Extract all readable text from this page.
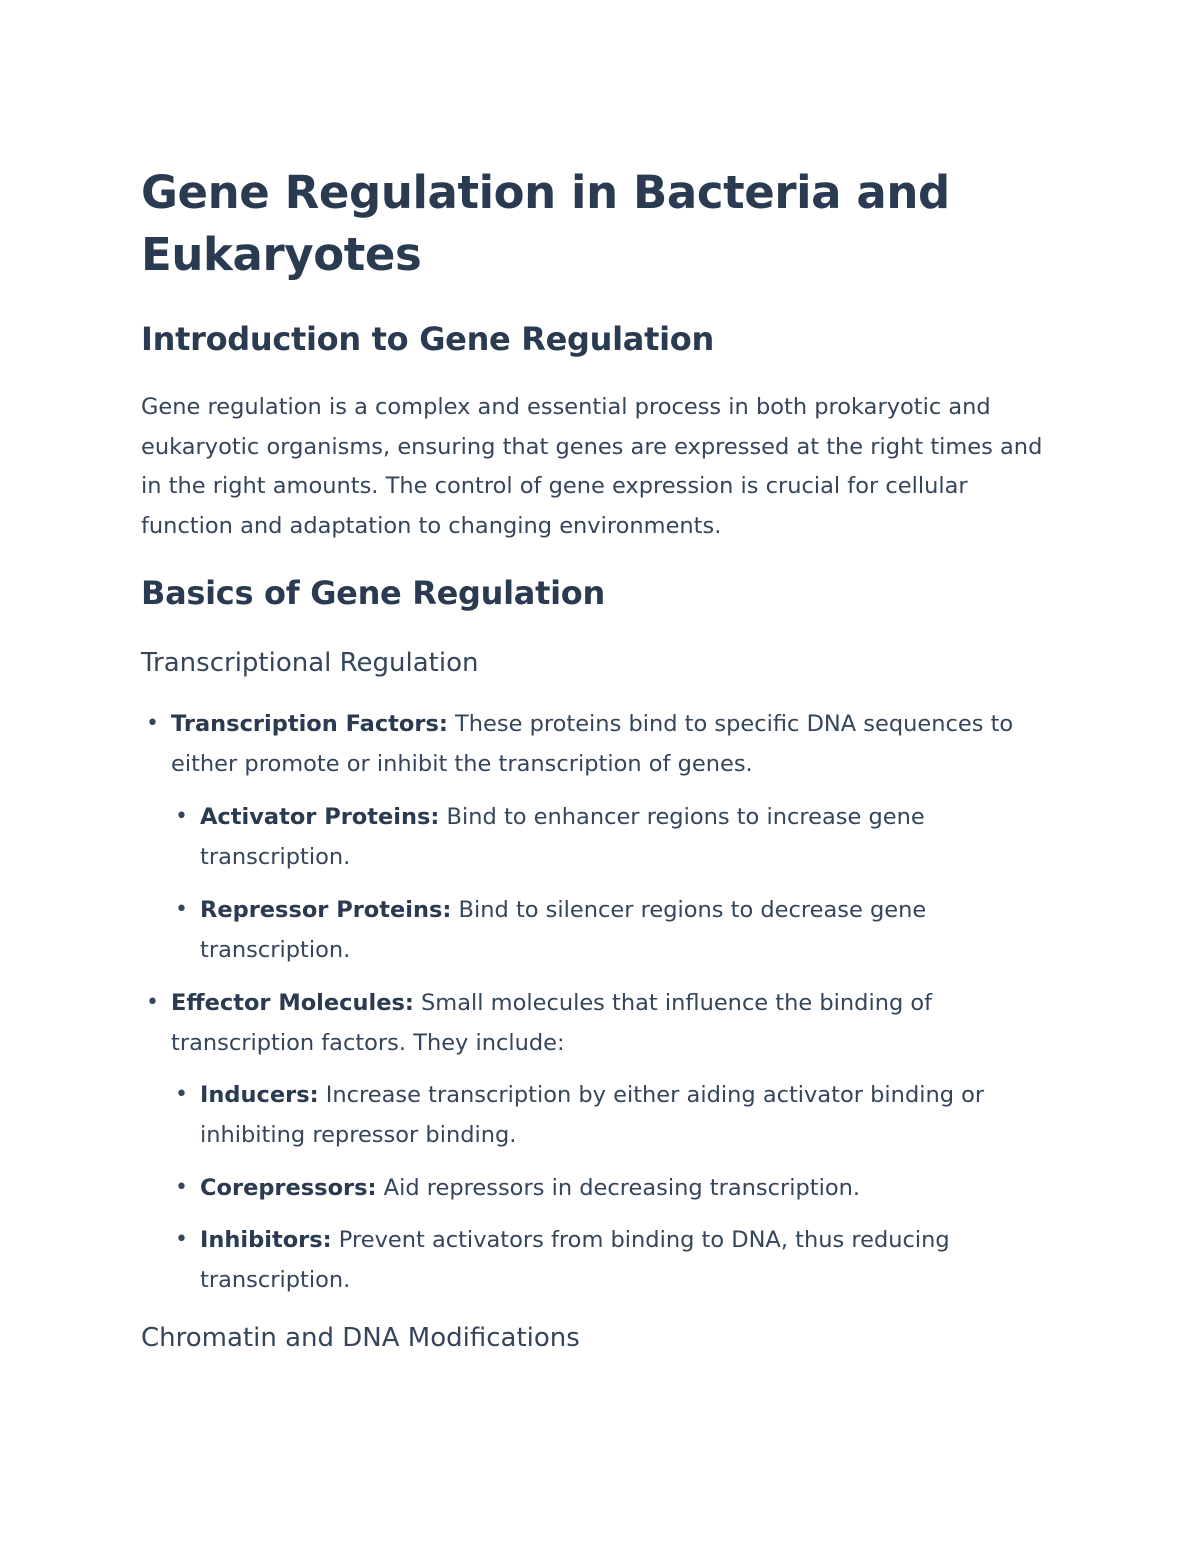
Gene Regulation in Bacteria and Eukaryotes
Introduction to Gene Regulation

Gene regulation is a complex and essential process in both prokaryotic and eukaryotic organisms, ensuring that genes are expressed at the right times and in the right amounts. The control of gene expression is crucial for cellular function and adaptation to changing environments.

Basics of Gene Regulation
Transcriptional Regulation
• Transcription Factors: These proteins bind to specific DNA sequences to either promote or inhibit the transcription of genes.
• Activator Proteins: Bind to enhancer regions to increase gene transcription.
• Repressor Proteins: Bind to silencer regions to decrease gene transcription.
• Effector Molecules: Small molecules that influence the binding of transcription factors. They include:
• Inducers: Increase transcription by either aiding activator binding or inhibiting repressor binding.
• Corepressors: Aid repressors in decreasing transcription.
• Inhibitors: Prevent activators from binding to DNA, thus reducing transcription.
Chromatin and DNA Modifications
